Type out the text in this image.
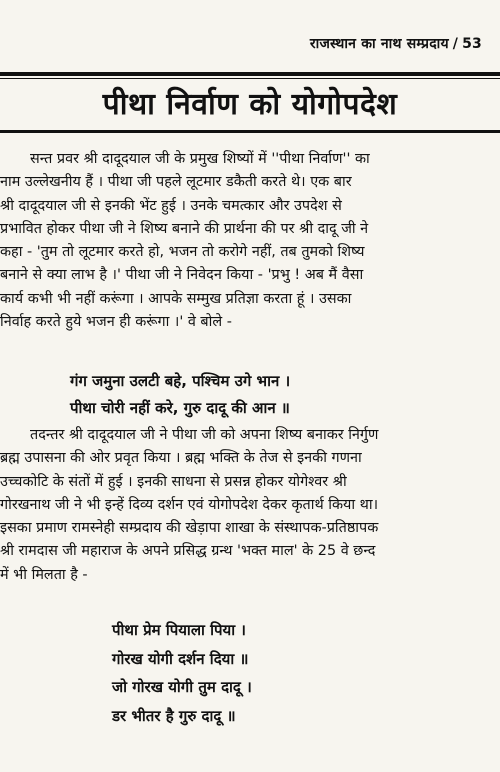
राजस्थान का नाथ सम्प्रदाय / 53
पीथा निर्वाण को योगोपदेश
सन्त प्रवर श्री दादूदयाल जी के प्रमुख शिष्यों में ''पीथा निर्वाण'' का
नाम उल्लेखनीय हैं । पीथा जी पहले लूटमार डकैती करते थे। एक बार
श्री दादूदयाल जी से इनकी भेंट हुई । उनके चमत्कार और उपदेश से
प्रभावित होकर पीथा जी ने शिष्य बनाने की प्रार्थना की पर श्री दादू जी ने
कहा - 'तुम तो लूटमार करते हो, भजन तो करोगे नहीं, तब तुमको शिष्य
बनाने से क्या लाभ है ।' पीथा जी ने निवेदन किया - 'प्रभु ! अब मैं वैसा
कार्य कभी भी नहीं करूंगा । आपके सम्मुख प्रतिज्ञा करता हूं । उसका
निर्वाह करते हुये भजन ही करूंगा ।' वे बोले -
गंग जमुना उलटी बहे, पश्चिम उगे भान ।
पीथा चोरी नहीं करे, गुरु दादू की आन ॥
तदन्तर श्री दादूदयाल जी ने पीथा जी को अपना शिष्य बनाकर निर्गुण
ब्रह्म उपासना की ओर प्रवृत किया । ब्रह्म भक्ति के तेज से इनकी गणना
उच्चकोटि के संतों में हुई । इनकी साधना से प्रसन्न होकर योगेश्वर श्री
गोरखनाथ जी ने भी इन्हें दिव्य दर्शन एवं योगोपदेश देकर कृतार्थ किया था।
इसका प्रमाण रामस्नेही सम्प्रदाय की खेड़ापा शाखा के संस्थापक-प्रतिष्ठापक
श्री रामदास जी महाराज के अपने प्रसिद्ध ग्रन्थ 'भक्त माल' के 25 वे छन्द
में भी मिलता है -
पीथा प्रेम पियाला पिया ।
गोरख योगी दर्शन दिया ॥
जो गोरख योगी तुम दादू ।
डर भीतर है गुरु दादू ॥
